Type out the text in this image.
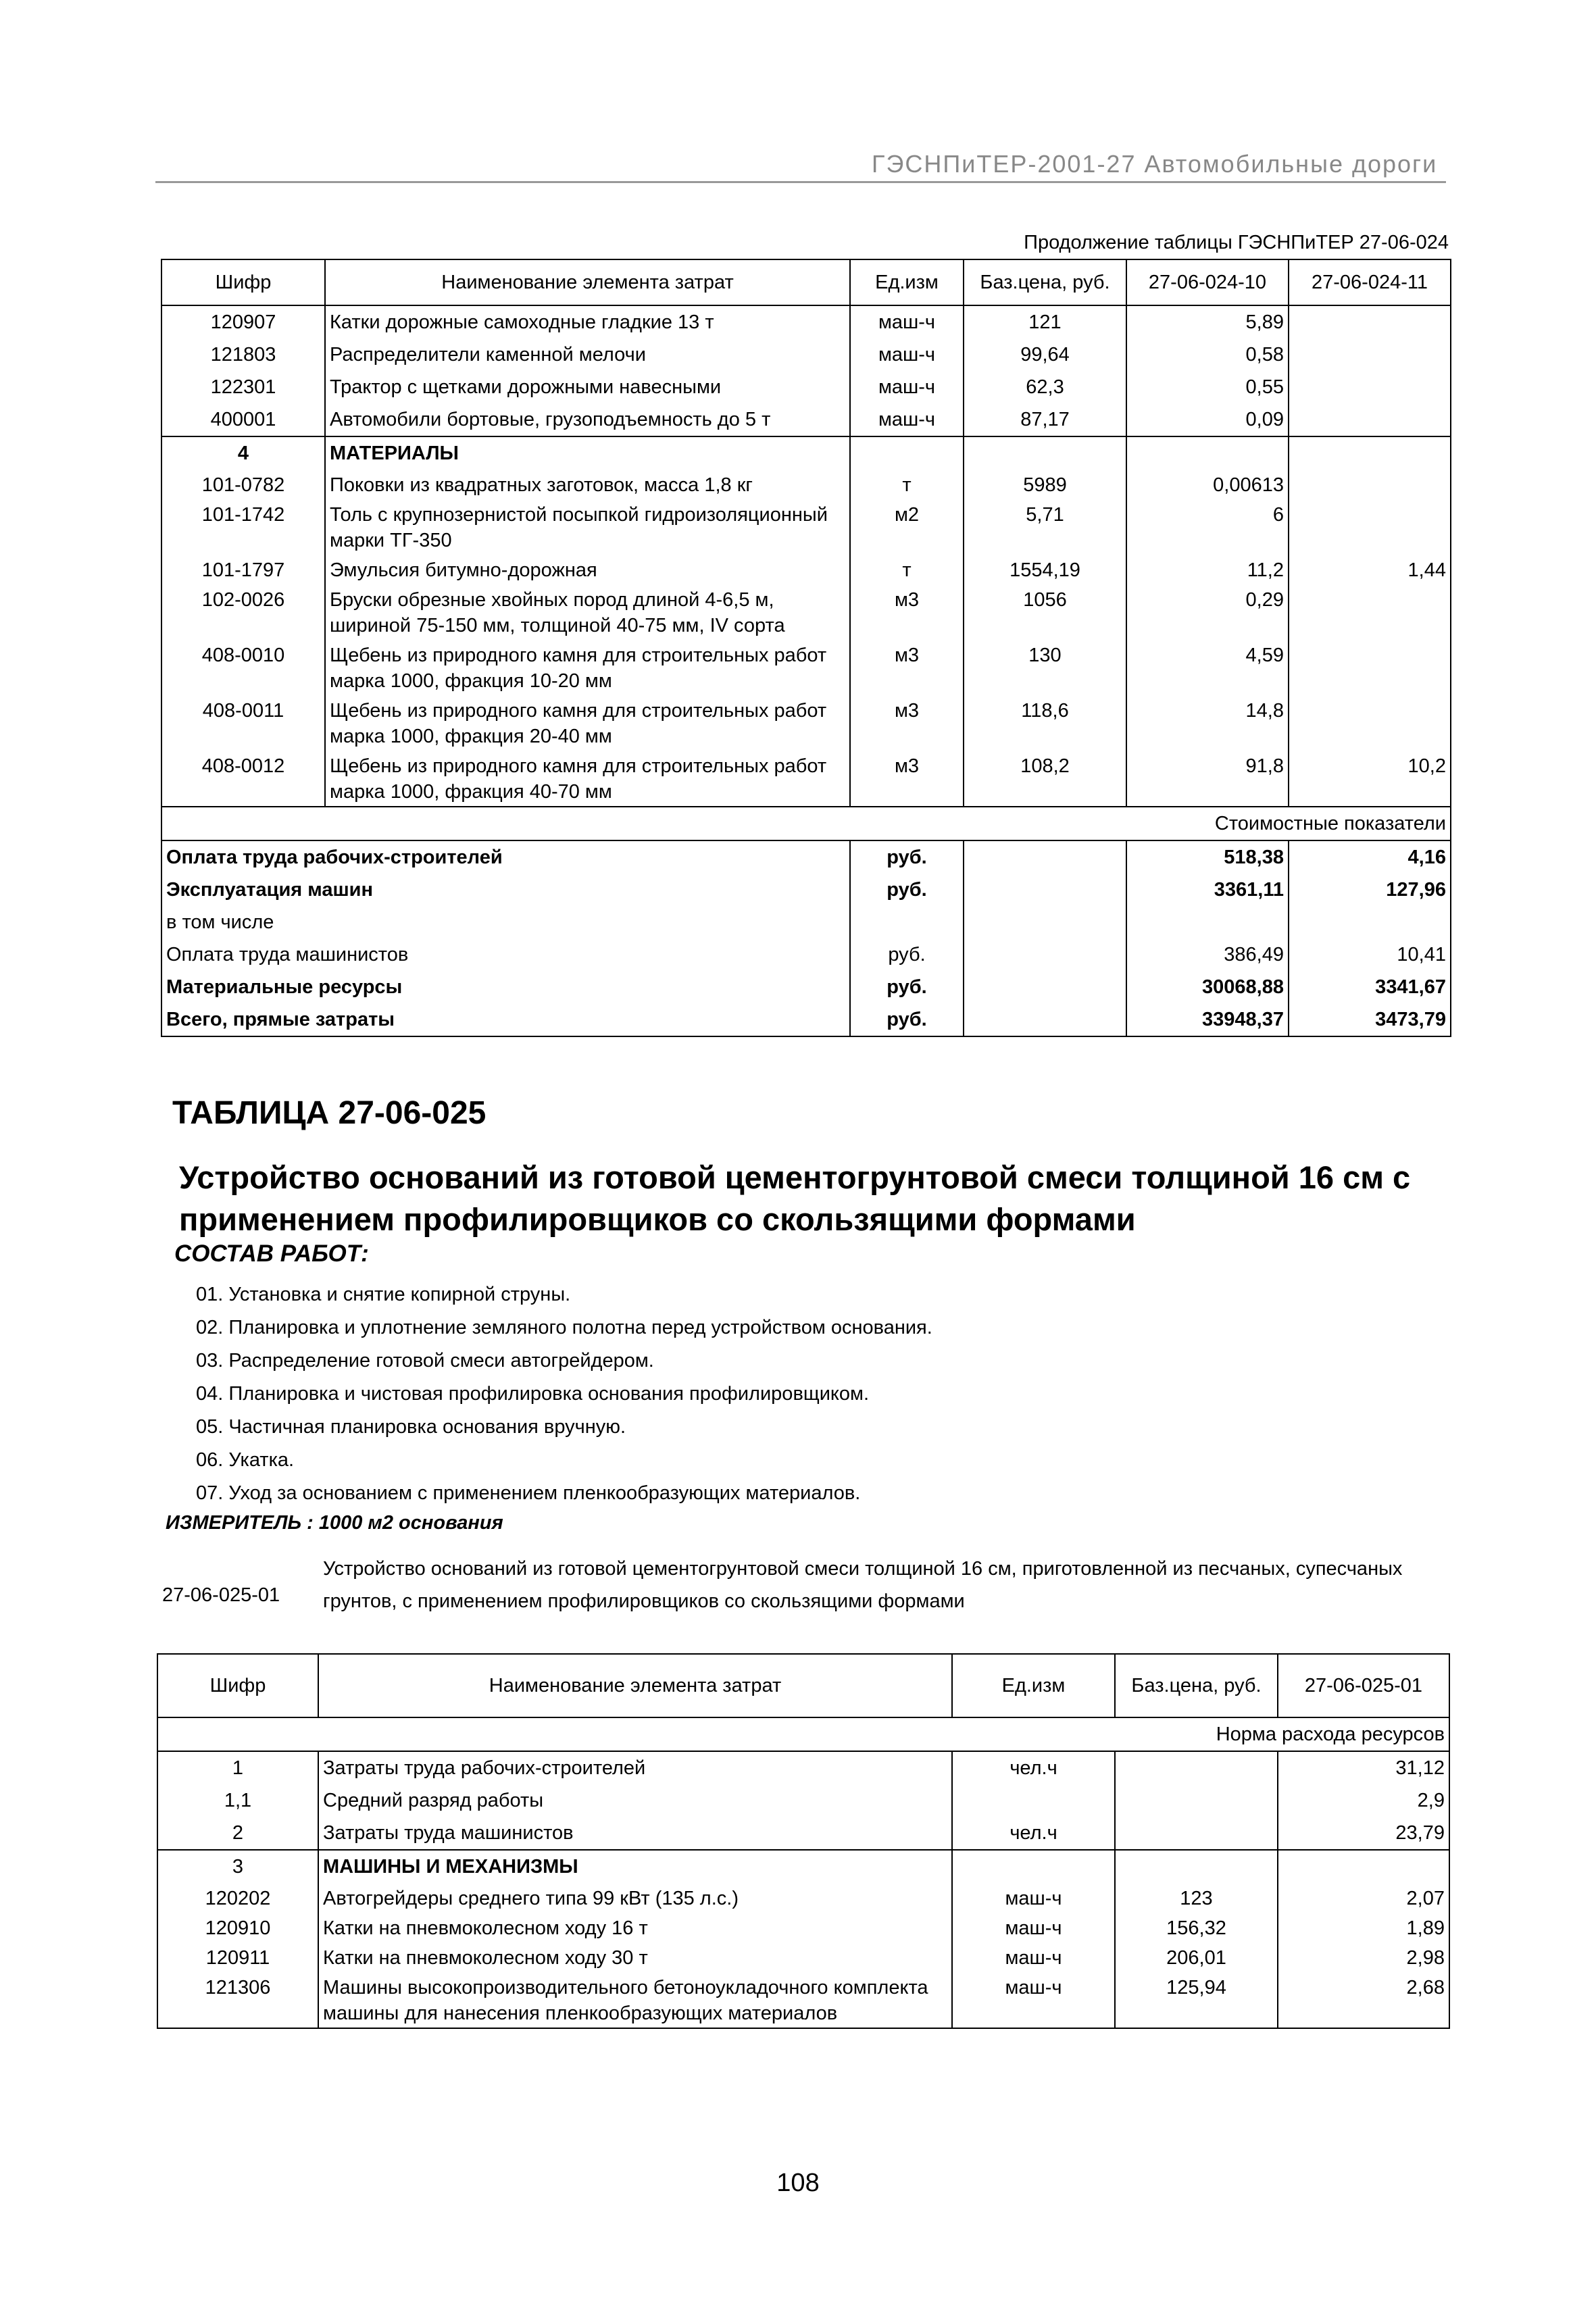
ГЭСНПиТЕР-2001-27 Автомобильные дороги
Продолжение таблицы ГЭСНПиТЕР 27-06-024
Шифр	Наименование элемента затрат	Ед.изм	Баз.цена, руб.	27-06-024-10	27-06-024-11
120907	Катки дорожные самоходные гладкие 13 т	маш-ч	121	5,89	
121803	Распределители каменной мелочи	маш-ч	99,64	0,58	
122301	Трактор с щетками дорожными навесными	маш-ч	62,3	0,55	
400001	Автомобили бортовые, грузоподъемность до 5 т	маш-ч	87,17	0,09	
4	МАТЕРИАЛЫ				
101-0782	Поковки из квадратных заготовок, масса 1,8 кг	т	5989	0,00613	
101-1742	Толь с крупнозернистой посыпкой гидроизоляционный марки ТГ-350	м2	5,71	6	
101-1797	Эмульсия битумно-дорожная	т	1554,19	11,2	1,44
102-0026	Бруски обрезные хвойных пород длиной 4-6,5 м, шириной 75-150 мм, толщиной 40-75 мм, IV сорта	м3	1056	0,29	
408-0010	Щебень из природного камня для строительных работ марка 1000, фракция 10-20 мм	м3	130	4,59	
408-0011	Щебень из природного камня для строительных работ марка 1000, фракция 20-40 мм	м3	118,6	14,8	
408-0012	Щебень из природного камня для строительных работ марка 1000, фракция 40-70 мм	м3	108,2	91,8	10,2
Стоимостные показатели					
Оплата труда рабочих-строителей		руб.		518,38	4,16
Эксплуатация машин		руб.		3361,11	127,96
в том числе					
Оплата труда машинистов		руб.		386,49	10,41
Материальные ресурсы		руб.		30068,88	3341,67
Всего, прямые затраты		руб.		33948,37	3473,79
ТАБЛИЦА 27-06-025
Устройство оснований из готовой цементогрунтовой смеси толщиной 16 см с применением профилировщиков со скользящими формами
СОСТАВ РАБОТ:
01. Установка и снятие копирной струны.
02. Планировка и уплотнение земляного полотна перед устройством основания.
03. Распределение готовой смеси автогрейдером.
04. Планировка и чистовая профилировка основания профилировщиком.
05. Частичная планировка основания вручную.
06. Укатка.
07. Уход за основанием с применением пленкообразующих материалов.
ИЗМЕРИТЕЛЬ : 1000 м2 основания
27-06-025-01
Устройство оснований из готовой цементогрунтовой смеси толщиной 16 см, приготовленной из песчаных, супесчаных грунтов, с применением профилировщиков со скользящими формами
Шифр	Наименование элемента затрат	Ед.изм	Баз.цена, руб.	27-06-025-01
Норма расхода ресурсов				
1	Затраты труда рабочих-строителей	чел.ч		31,12
1,1	Средний разряд работы			2,9
2	Затраты труда машинистов	чел.ч		23,79
3	МАШИНЫ И МЕХАНИЗМЫ			
120202	Автогрейдеры среднего типа 99 кВт (135 л.с.)	маш-ч	123	2,07
120910	Катки на пневмоколесном ходу 16 т	маш-ч	156,32	1,89
120911	Катки на пневмоколесном ходу 30 т	маш-ч	206,01	2,98
121306	Машины высокопроизводительного бетоноукладочного комплекта машины для нанесения пленкообразующих материалов	маш-ч	125,94	2,68
108
